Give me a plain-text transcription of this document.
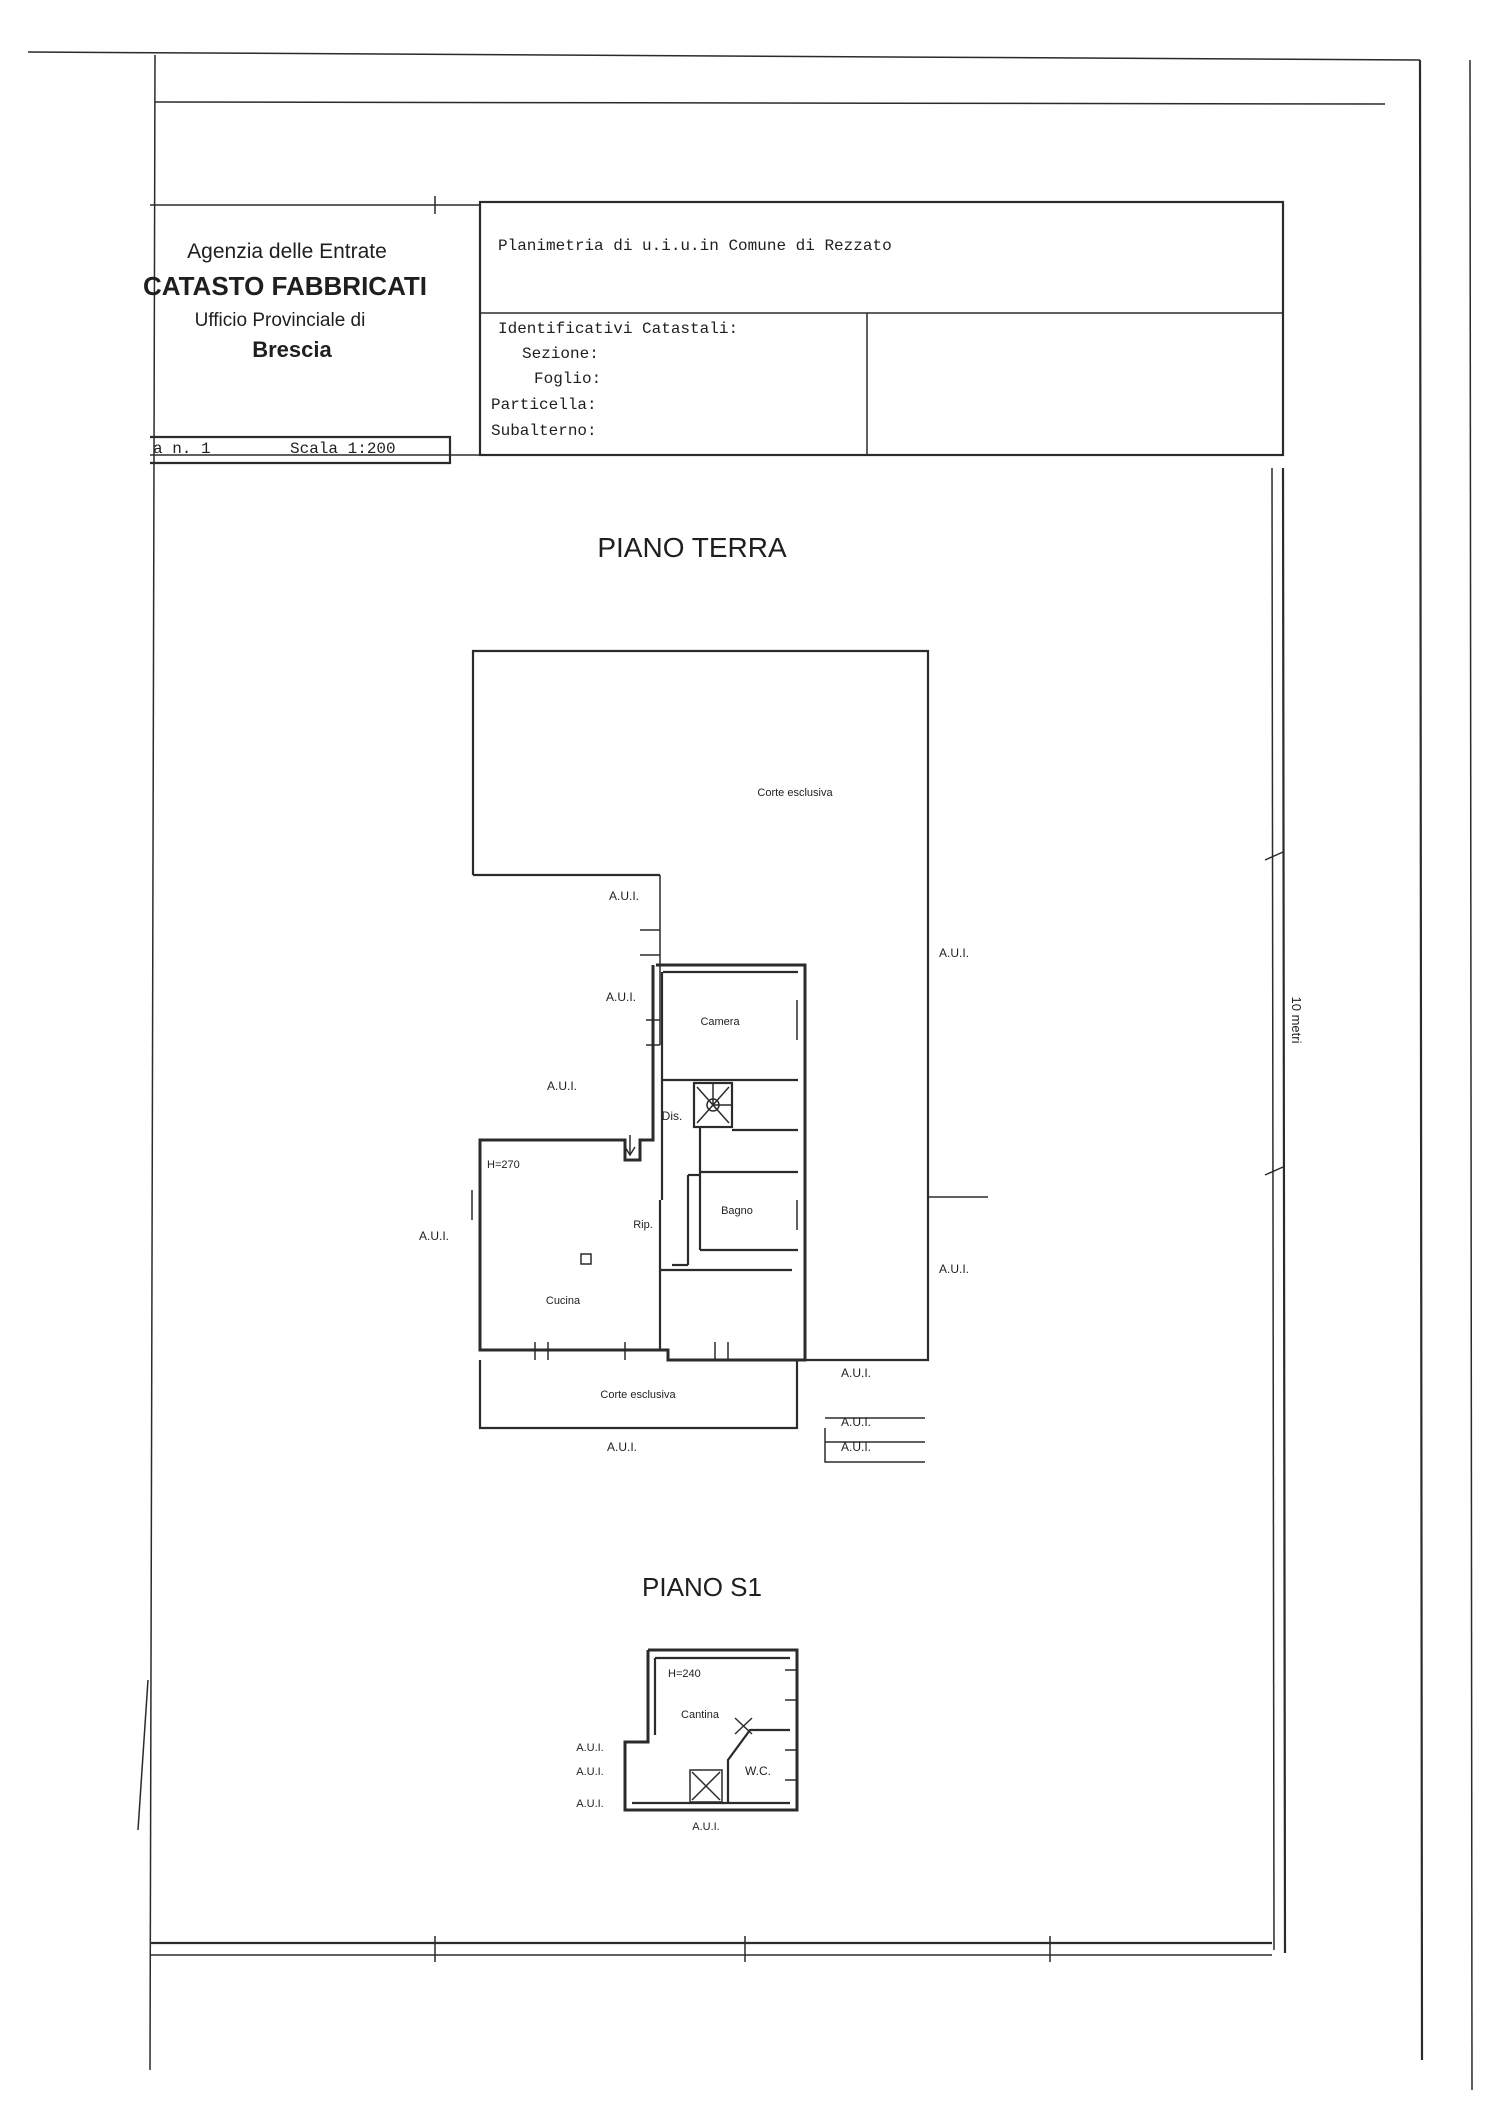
Agenzia delle Entrate
CATASTO FABBRICATI
Ufficio Provinciale di
Brescia
a n. 1	Scala 1:200
Planimetria di u.i.u.in Comune di Rezzato
Identificativi Catastali:
Sezione:
Foglio:
Particella:
Subalterno:
10 metri
PIANO TERRA
Corte esclusiva
Camera
Dis.
Bagno
Rip.
Cucina
Corte esclusiva
H=270
A.U.I.
A.U.I.
A.U.I.
A.U.I.
A.U.I.
A.U.I.
A.U.I.
A.U.I.
A.U.I.
A.U.I.
PIANO S1
H=240
Cantina
W.C.
A.U.I.
A.U.I.
A.U.I.
A.U.I.
